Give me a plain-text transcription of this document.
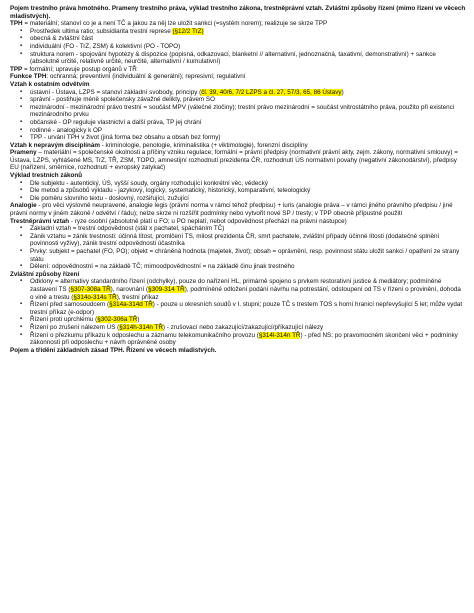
Pojem trestního práva hmotného. Prameny trestního práva, výklad trestního zákona, trestněprávní vztah. Zvláštní způsoby řízení (mimo řízení ve věcech mladistvých).
TPH = materiální; stanoví co je a není TČ a jakou za něj lze uložit sankci (=systém norem); realizuje se skrze TPP
▪ Prostředek ultima ratio; subsidiarita trestní represe (§12/2 TrZ)
▪ obecná & zvláštní část
▪ individuální (FO - TrZ, ZSM) & kolektivní (PO - TOPO)
▪ struktura norem - spojování hypotézy & dispozice (popisná, odkazovací, blanketní // alternativní, jednoznačná, taxativní, demonstrativní) + sankce (absolutně určité, relativně určité, neurčité, alternativní / kumulativní)
TPP = formální; upravuje postup orgánů v TŘ
Funkce TPH: ochranná; preventivní (individuální & generální); represivní; regulativní
Vztah k ostatním odvětvím
▪ ústavní - Ústava, LZPS = stanoví základní svobody, principy (čl. 39, 40/6, 7/2 LZPS a čl. 27, 57/3, 65, 86 Ústavy)
▪ správní - postihuje méně společensky závažné delikty, právem SO
▪ mezinárodní - mezinárodní právo trestní = součást MPV (válečné zločiny); trestní právo mezinárodní = součást vnitrostátního práva, použito při existenci mezinárodního prvku
▪ občanské - OP reguluje vlastnictví a další práva, TP jej chrání
▪ rodinné - analogicky k OP
▪ TPP - urvání TPH v život (jiná forma bez obsahu a obsah bez formy)
Vztah k nepravým disciplínám - kriminologie, penologie, kriminalistika (+ viktimologie), forenzní disciplíny
Prameny – materiální = společenské okolnosti a příčiny vzniku regulace; formální = právní předpisy (normativní právní akty, zejm. zákony, normativní smlouvy) = Ústava, LZPS, vyhlášené MS, TrZ, TŘ, ZSM, TOPO, amnestijní rozhodnutí prezidenta ČR, rozhodnutí ÚS normativní povahy (negativní zákonodárství), předpisy EU (nařízení, směrnice, rozhodnutí + evropský zatykač)
Výklad trestních zákonů
▪ Dle subjektu - autentický, ÚS, vyšší soudy, orgány rozhodující konkrétní věc, vědecký
▪ Dle metod a způsobů výkladu - jazykový, logický, systematický, historický, komparativní, teleologický
▪ Dle poměru slovního textu - doslovný, rozšiřující, zužující
Analogie - pro věci výslovně neupravené, analogie legis (právní norma v rámci téhož předpisu) + iuris (analogie práva – v rámci jiného právního předpisu / jiné právní normy v jiném zákoně / odvětví / řádu); nelze skrze ni rozšířit podmínky nebo vytvořit nové SP / tresty; v TPP obecně přípustné použití
Trestněprávní vztah - ryze osobní (absolutně platí u FO; u PO neplatí, nebot odpovědnost přechází na právní nástupce)
▪ Základní vztah = trestní odpovědnost (stát x pachatel, spácháním TČ)
▪ Zánik vztahu = zánik trestnosti: účinná lítost, promlčení TS, milost prezidenta ČR, smrt pachatele, zvláštní případy účinné lítosti (dodatečné splnění povinnosti vyživy), zánik trestní odpovědnosti účastníka
▪ Prvky: subjekt = pachatel (FO, PO); objekt = chráněná hodnota (majetek, život); obsah = oprávnění, resp. povinnost státu uložit sankci / opatření ze strany státu
▪ Dělení: odpovědnostní = na základě TČ; mimoodpovědnostní = na základě činu jinak trestného
Zvláštní způsoby řízení
▪ Odklony = alternativy standardního řízení (odchylky), pouze do nařízení HL, primárně spojeno s prvkem restorativní justice & mediátory; podmíněné zastavení TS (§307-308a TŘ), narovnání (§309-314 TŘ), podmíněné odložení podání návrhu na potrestání, odstoupení od TS v řízení o provinění, dohoda o vině a trestu (§314o-314s TŘ), trestní příkaz
▪ Řízení před samosoudcem (§314a-314d TŘ) - pouze u okresních soudů v I. stupni; pouze TČ s trestem TOS s horní hranicí nepřevyšující 5 let; může vydat trestní příkaz (e-odpor)
▪ Řízení proti uprchlému (§302-306a TŘ)
▪ Řízení po zrušení nálezem ÚS (§314h-314n TŘ) - zrušovací nebo zakazující/zakazující/příkazující nálezy
▪ Řízení o přezkumu příkazu k odposlechu a záznamu telekomunikačního provozu (§314l-314n TŘ) - před NS; po pravomocném skončení věci + podmínky zákonnosti při odposlechu + návrh oprávněné osoby
Pojem a třídění základních zásad TPH. Řízení ve věcech mladistvých.
